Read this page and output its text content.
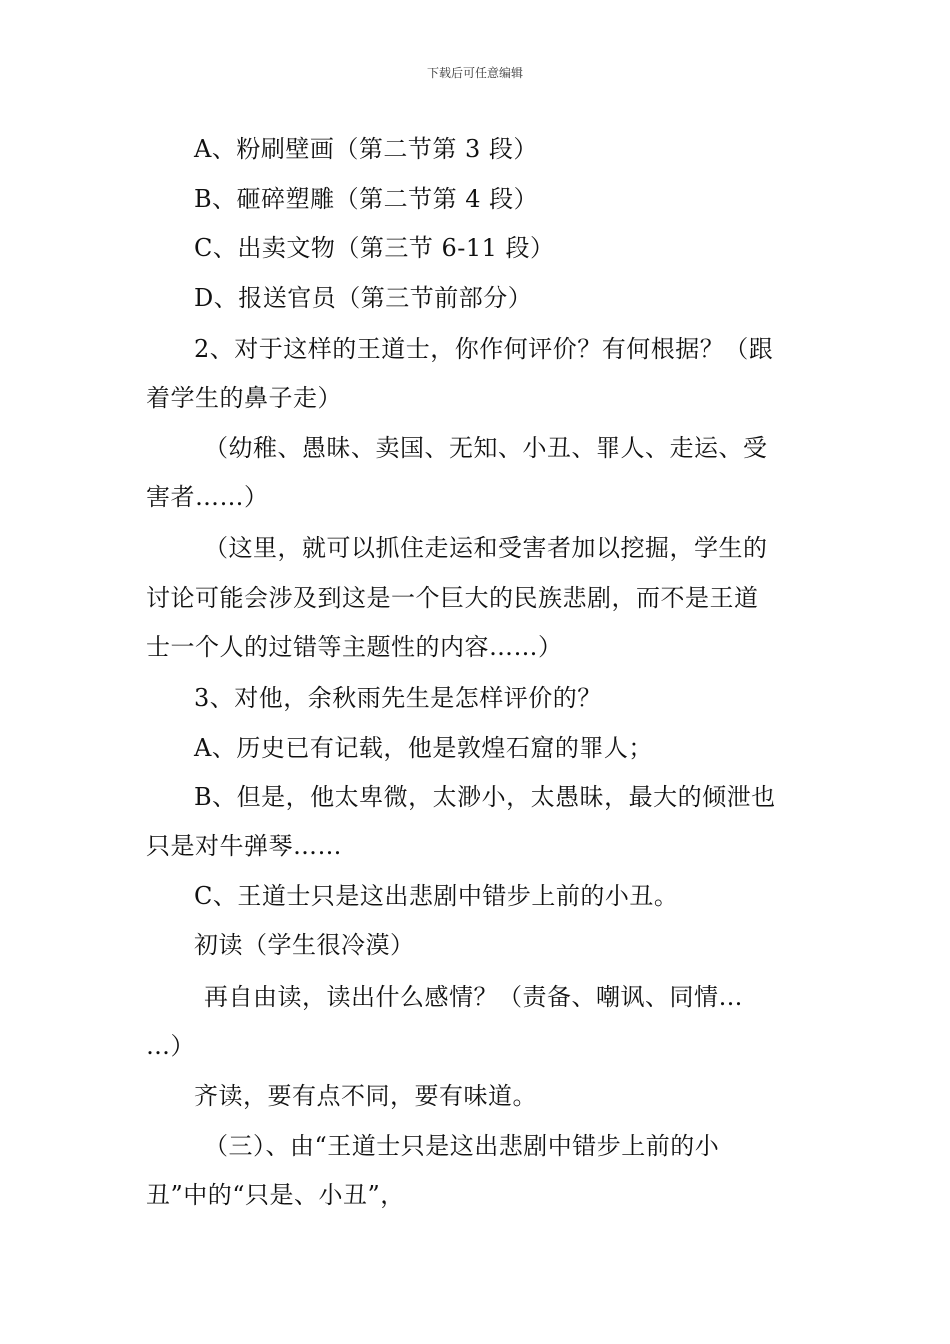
下载后可任意编辑
A、粉刷壁画（第二节第 3 段）
B、砸碎塑雕（第二节第 4 段）
C、出卖文物（第三节 6-11 段）
D、报送官员（第三节前部分）
2、对于这样的王道士，你作何评价？有何根据？（跟
着学生的鼻子走）
（幼稚、愚昧、卖国、无知、小丑、罪人、走运、受
害者……）
（这里，就可以抓住走运和受害者加以挖掘，学生的
讨论可能会涉及到这是一个巨大的民族悲剧，而不是王道
士一个人的过错等主题性的内容……）
3、对他，余秋雨先生是怎样评价的？
A、历史已有记载，他是敦煌石窟的罪人；
B、但是，他太卑微，太渺小，太愚昧，最大的倾泄也
只是对牛弹琴……
C、王道士只是这出悲剧中错步上前的小丑。
初读（学生很冷漠）
再自由读，读出什么感情？（责备、嘲讽、同情…
…）
齐读，要有点不同，要有味道。
（三）、由“王道士只是这出悲剧中错步上前的小
丑”中的“只是、小丑”，
